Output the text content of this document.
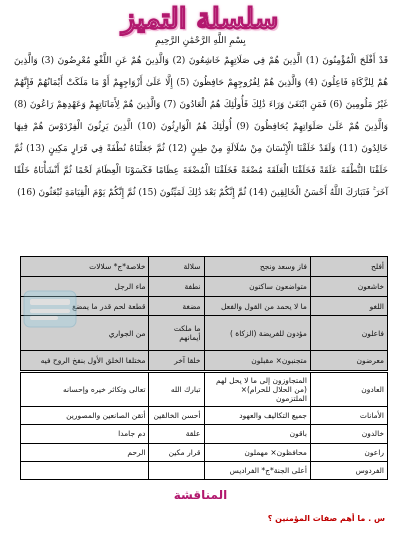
سلسلة التميز
بِسْمِ اللَّهِ الرَّحْمَٰنِ الرَّحِيمِ
قَدْ أَفْلَحَ الْمُؤْمِنُونَ (1) الَّذِينَ هُمْ فِي صَلَاتِهِمْ خَاشِعُونَ (2) وَالَّذِينَ هُمْ عَنِ اللَّغْوِ مُعْرِضُونَ (3) وَالَّذِينَ هُمْ لِلزَّكَاةِ فَاعِلُونَ (4) وَالَّذِينَ هُمْ لِفُرُوجِهِمْ حَافِظُونَ (5) إِلَّا عَلَىٰ أَزْوَاجِهِمْ أَوْ مَا مَلَكَتْ أَيْمَانُهُمْ فَإِنَّهُمْ غَيْرُ مَلُومِينَ (6) فَمَنِ ابْتَغَىٰ وَرَاءَ ذَٰلِكَ فَأُولَٰئِكَ هُمُ الْعَادُونَ (7) وَالَّذِينَ هُمْ لِأَمَانَاتِهِمْ وَعَهْدِهِمْ رَاعُونَ (8) وَالَّذِينَ هُمْ عَلَىٰ صَلَوَاتِهِمْ يُحَافِظُونَ (9) أُولَٰئِكَ هُمُ الْوَارِثُونَ (10) الَّذِينَ يَرِثُونَ الْفِرْدَوْسَ هُمْ فِيهَا خَالِدُونَ (11) وَلَقَدْ خَلَقْنَا الْإِنْسَانَ مِنْ سُلَالَةٍ مِنْ طِينٍ (12) ثُمَّ جَعَلْنَاهُ نُطْفَةً فِي قَرَارٍ مَكِينٍ (13) ثُمَّ خَلَقْنَا النُّطْفَةَ عَلَقَةً فَخَلَقْنَا الْعَلَقَةَ مُضْغَةً فَخَلَقْنَا الْمُضْغَةَ عِظَامًا فَكَسَوْنَا الْعِظَامَ لَحْمًا ثُمَّ أَنْشَأْنَاهُ خَلْقًا آخَرَ ۚ فَتَبَارَكَ اللَّهُ أَحْسَنُ الْخَالِقِينَ (14) ثُمَّ إِنَّكُمْ بَعْدَ ذَٰلِكَ لَمَيِّتُونَ (15) ثُمَّ إِنَّكُمْ يَوْمَ الْقِيَامَةِ تُبْعَثُونَ (16)
أفلح	فاز وسعد ونجح	سلالة	خلاصة*ج* سلالات
خاشعون	متواضعون ساكتون	نطفة	ماء الرجل
اللغو	ما لا يحمد من القول والفعل	مضغة	قطعة لحم قدر ما يمضغ
فاعلون	مؤدون للفريضة (الزكاة )	ما ملكت أيمانهم	من الجواري
معرضون	متجنبون× مقبلون	خلقا آخر	مختلفا الخلق الأول بنفخ الروح فيه
العادون	المتجاوزون إلى ما لا يحل لهم (من الحلال للحرام)× الملتزمون	تبارك الله	تعالى وتكاثر خيره وإحسانه
الأمانات	جميع التكاليف والعهود	أحسن الخالقين	أتقن الصانعين والمصورين
خالدون	باقون	علقة	دم جامدا
راعون	محافظون× مهملون	قرار مكين	الرحم
الفردوس	أعلى الجنة*ج* الفراديس		
المناقشة
س . ما أهم صفات المؤمنين ؟
